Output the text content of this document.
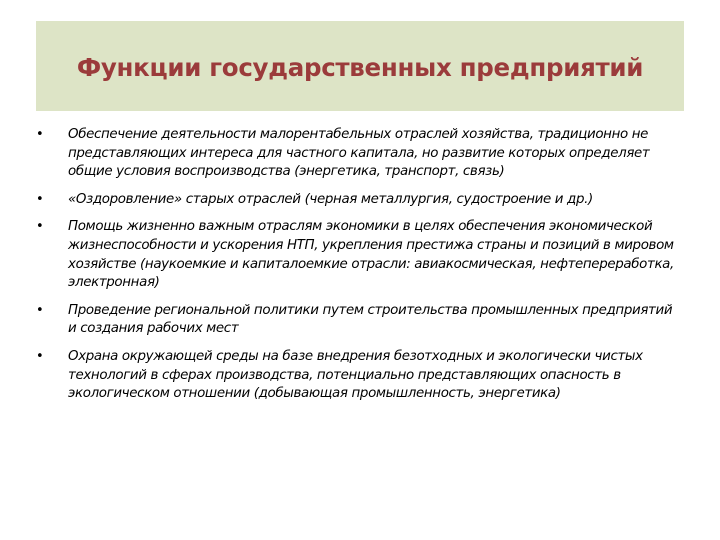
Функции государственных предприятий
• Обеспечение деятельности малорентабельных отраслей хозяйства, традиционно не представляющих интереса для частного капитала, но развитие которых определяет общие условия воспроизводства (энергетика, транспорт, связь)
• «Оздоровление» старых отраслей (черная металлургия, судостроение и др.)
• Помощь жизненно важным отраслям экономики в целях обеспечения экономической жизнеспособности и ускорения НТП, укрепления престижа страны и позиций в мировом хозяйстве (наукоемкие и капиталоемкие отрасли: авиакосмическая, нефтепереработка, электронная)
• Проведение региональной политики путем строительства промышленных предприятий и создания рабочих мест
• Охрана окружающей среды на базе внедрения безотходных и экологически чистых технологий в сферах производства, потенциально представляющих опасность в экологическом отношении (добывающая промышленность, энергетика)
